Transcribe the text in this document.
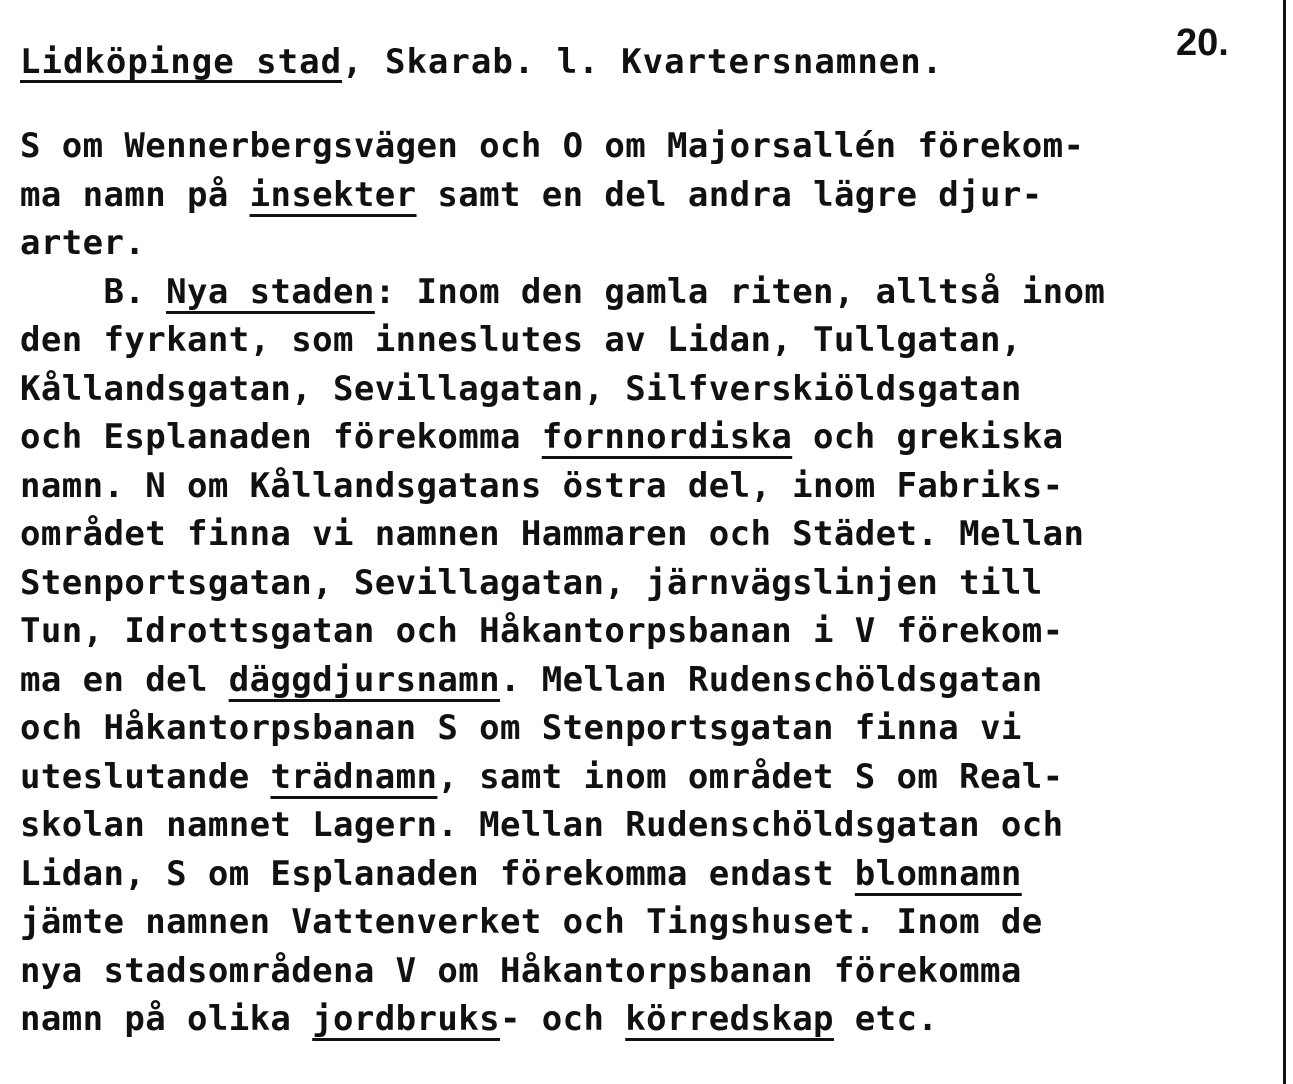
Lidköpinge stad, Skarab. l. Kvartersnamnen.	20.
S om Wennerbergsvägen och O om Majorsallén förekom-
ma namn på insekter samt en del andra lägre djur-
arter.
B. Nya staden: Inom den gamla riten, alltså inom
den fyrkant, som inneslutes av Lidan, Tullgatan,
Kållandsgatan, Sevillagatan, Silfverskiöldsgatan
och Esplanaden förekomma fornnordiska och grekiska
namn. N om Kållandsgatans östra del, inom Fabriks-
området finna vi namnen Hammaren och Städet. Mellan
Stenportsgatan, Sevillagatan, järnvägslinjen till
Tun, Idrottsgatan och Håkantorpsbanan i V förekom-
ma en del däggdjursnamn. Mellan Rudenschöldsgatan
och Håkantorpsbanan S om Stenportsgatan finna vi
uteslutande trädnamn, samt inom området S om Real-
skolan namnet Lagern. Mellan Rudenschöldsgatan och
Lidan, S om Esplanaden förekomma endast blomnamn
jämte namnen Vattenverket och Tingshuset. Inom de
nya stadsområdena V om Håkantorpsbanan förekomma
namn på olika jordbruks- och körredskap etc.
